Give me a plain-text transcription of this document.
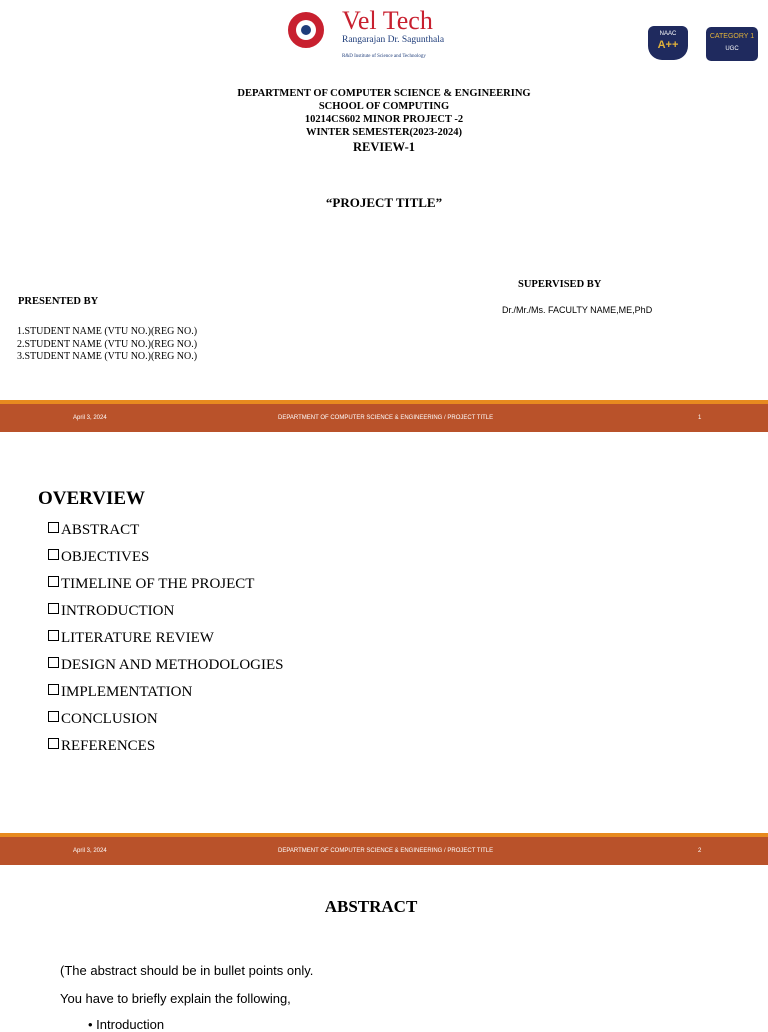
Vel Tech
Rangarajan Dr. Sagunthala
R&D Institute of Science and Technology
NAAC
A++
CATEGORY 1
UGC
DEPARTMENT OF COMPUTER SCIENCE & ENGINEERING
SCHOOL OF COMPUTING
10214CS602 MINOR PROJECT -2
WINTER SEMESTER(2023-2024)
REVIEW-1
“PROJECT TITLE”
SUPERVISED BY
Dr./Mr./Ms. FACULTY NAME,ME,PhD
PRESENTED BY
1.STUDENT NAME (VTU NO.)(REG NO.)
2.STUDENT NAME (VTU NO.)(REG NO.)
3.STUDENT NAME (VTU NO.)(REG NO.)
April 3, 2024	DEPARTMENT OF COMPUTER SCIENCE & ENGINEERING / PROJECT TITLE	1
OVERVIEW
ABSTRACT
OBJECTIVES
TIMELINE OF THE PROJECT
INTRODUCTION
LITERATURE REVIEW
DESIGN AND METHODOLOGIES
IMPLEMENTATION
CONCLUSION
REFERENCES
April 3, 2024	DEPARTMENT OF COMPUTER SCIENCE & ENGINEERING / PROJECT TITLE	2
ABSTRACT
(The abstract should be in bullet points only.
You have to briefly explain the following,
• Introduction
